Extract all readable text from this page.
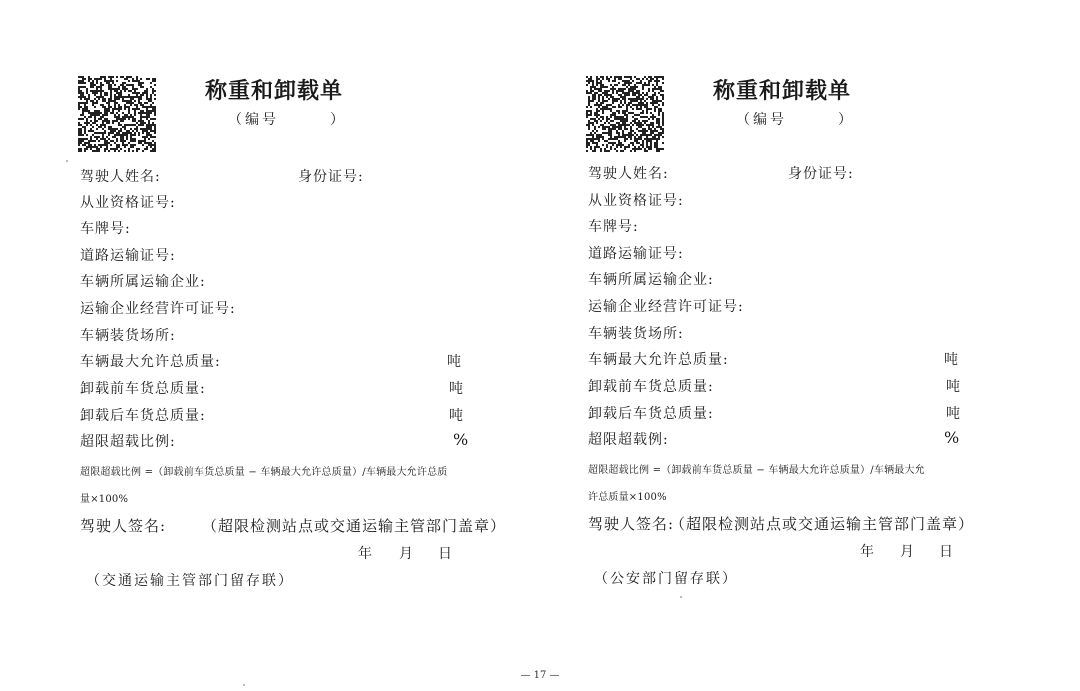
称重和卸载单
（编号　　　）
驾驶人姓名:	身份证号:
从业资格证号:
车牌号:
道路运输证号:
车辆所属运输企业:
运输企业经营许可证号:
车辆装货场所:
车辆最大允许总质量:	吨
卸载前车货总质量:	吨
卸载后车货总质量:	吨
超限超载比例:	%
超限超载比例 =（卸载前车货总质量 − 车辆最大允许总质量）/车辆最大允许总质
量×100%
驾驶人签名: （超限检测站点或交通运输主管部门盖章）
年 月 日
（交通运输主管部门留存联）
称重和卸载单
（编号　　　）
驾驶人姓名:	身份证号:
从业资格证号:
车牌号:
道路运输证号:
车辆所属运输企业:
运输企业经营许可证号:
车辆装货场所:
车辆最大允许总质量:	吨
卸载前车货总质量:	吨
卸载后车货总质量:	吨
超限超载例:	%
超限超载比例 =（卸载前车货总质量 − 车辆最大允许总质量）/车辆最大允
许总质量×100%
驾驶人签名:
（超限检测站点或交通运输主管部门盖章）
年 月 日
（公安部门留存联）
— 17 —
